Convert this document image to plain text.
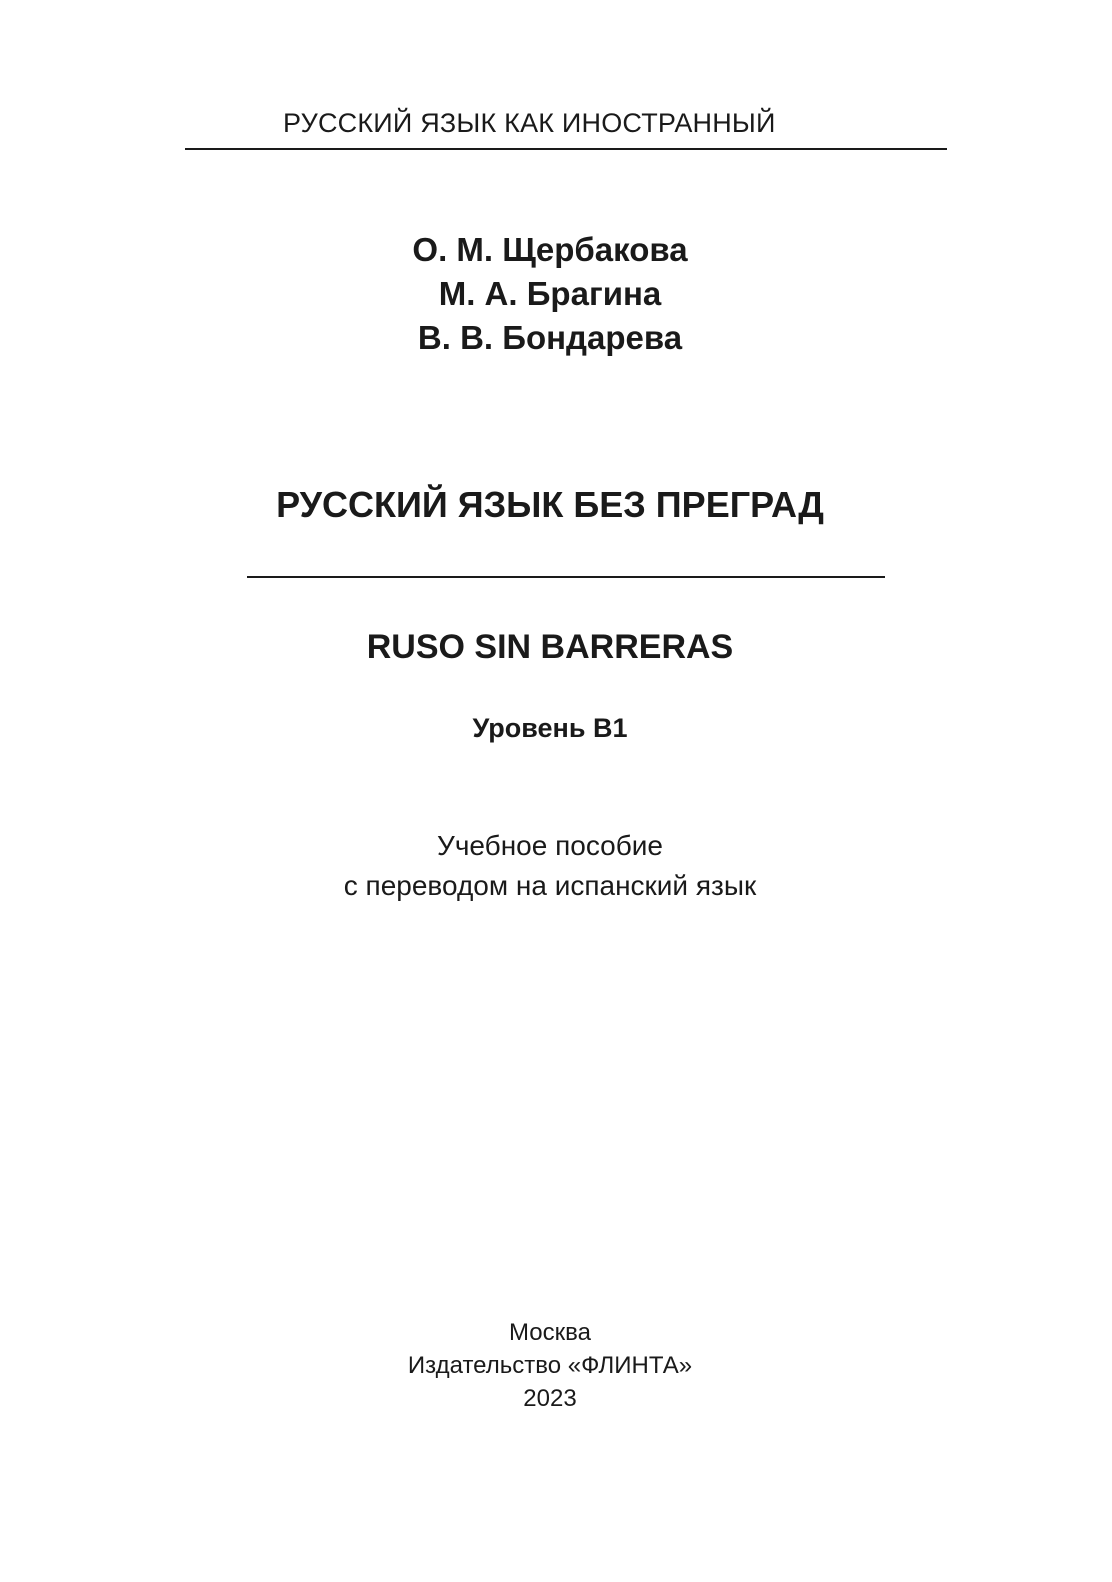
РУССКИЙ ЯЗЫК КАК ИНОСТРАННЫЙ
О. М. Щербакова
М. А. Брагина
В. В. Бондарева
РУССКИЙ ЯЗЫК БЕЗ ПРЕГРАД
RUSO SIN BARRERAS
Уровень В1
Учебное пособие
с переводом на испанский язык
Москва
Издательство «ФЛИНТА»
2023
